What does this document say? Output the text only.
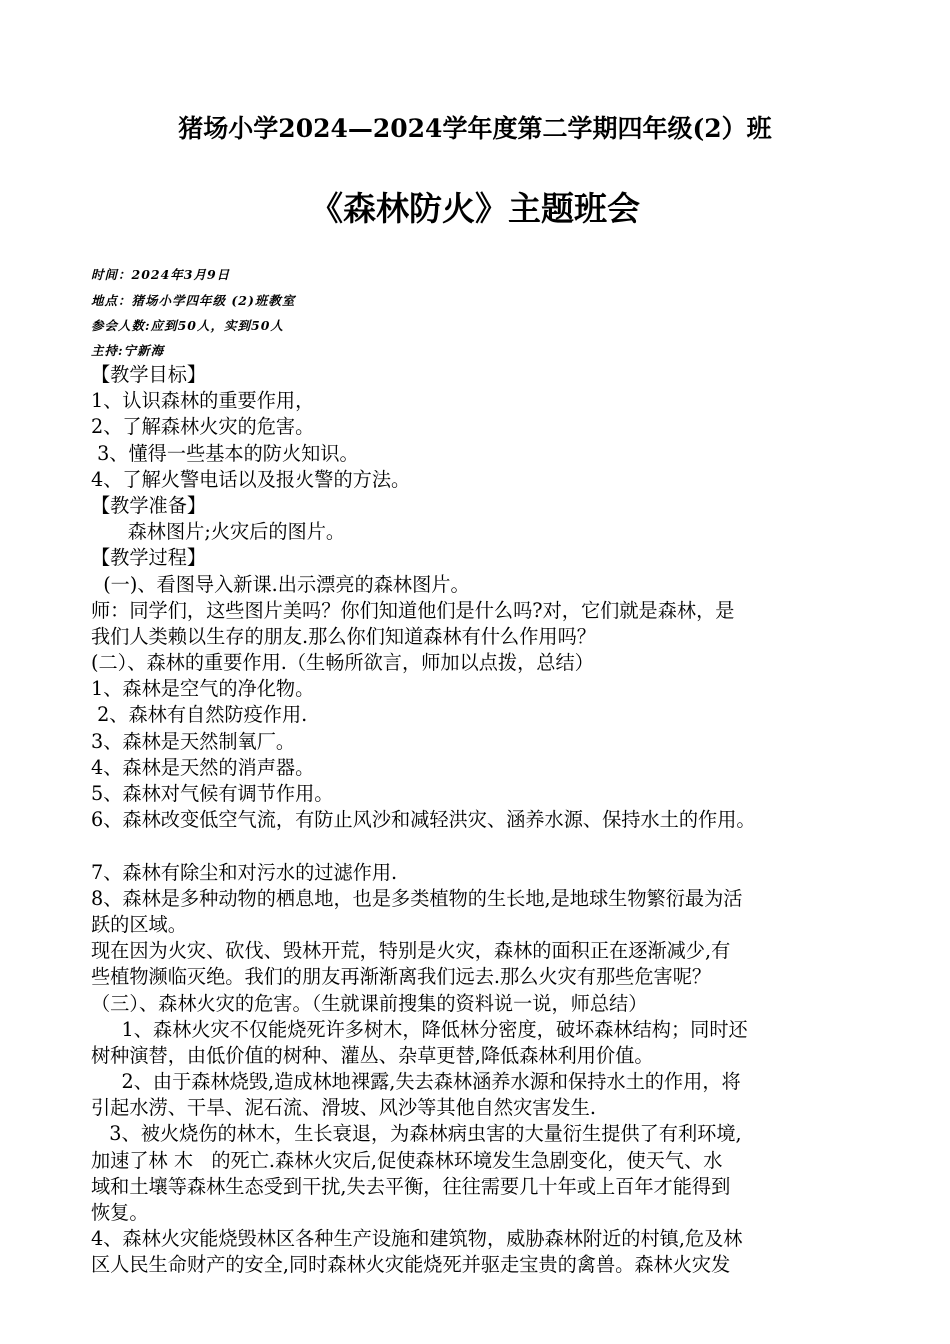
猪场小学2024—2024学年度第二学期四年级(2）班
《森林防火》主题班会
时间：2024年3月9日
地点：猪场小学四年级 (2)班教室
参会人数:应到50人，实到50人
主持:宁新海
【教学目标】
1、认识森林的重要作用，
2、了解森林火灾的危害。
3、懂得一些基本的防火知识。
4、了解火警电话以及报火警的方法。
【教学准备】
森林图片;火灾后的图片。
【教学过程】
(一)、看图导入新课.出示漂亮的森林图片。
师：同学们，这些图片美吗？你们知道他们是什么吗?对，它们就是森林，是
我们人类赖以生存的朋友.那么你们知道森林有什么作用吗？
(二）、森林的重要作用.（生畅所欲言，师加以点拨，总结）
1、森林是空气的净化物。
2、森林有自然防疫作用.
3、森林是天然制氧厂。
4、森林是天然的消声器。
5、森林对气候有调节作用。
6、森林改变低空气流，有防止风沙和减轻洪灾、涵养水源、保持水土的作用。
7、森林有除尘和对污水的过滤作用.
8、森林是多种动物的栖息地，也是多类植物的生长地,是地球生物繁衍最为活
跃的区域。
现在因为火灾、砍伐、毁林开荒，特别是火灾，森林的面积正在逐渐减少,有
些植物濒临灭绝。我们的朋友再渐渐离我们远去.那么火灾有那些危害呢？
（三）、森林火灾的危害。（生就课前搜集的资料说一说，师总结）
1、森林火灾不仅能烧死许多树木，降低林分密度，破坏森林结构；同时还
树种演替，由低价值的树种、灌丛、杂草更替,降低森林利用价值。
2、由于森林烧毁,造成林地裸露,失去森林涵养水源和保持水土的作用，将
引起水涝、干旱、泥石流、滑坡、风沙等其他自然灾害发生.
3、被火烧伤的林木，生长衰退，为森林病虫害的大量衍生提供了有利环境,
加速了林 木   的死亡.森林火灾后,促使森林环境发生急剧变化，使天气、水
域和土壤等森林生态受到干扰,失去平衡，往往需要几十年或上百年才能得到
恢复。
4、森林火灾能烧毁林区各种生产设施和建筑物，威胁森林附近的村镇,危及林
区人民生命财产的安全,同时森林火灾能烧死并驱走宝贵的禽兽。森林火灾发
